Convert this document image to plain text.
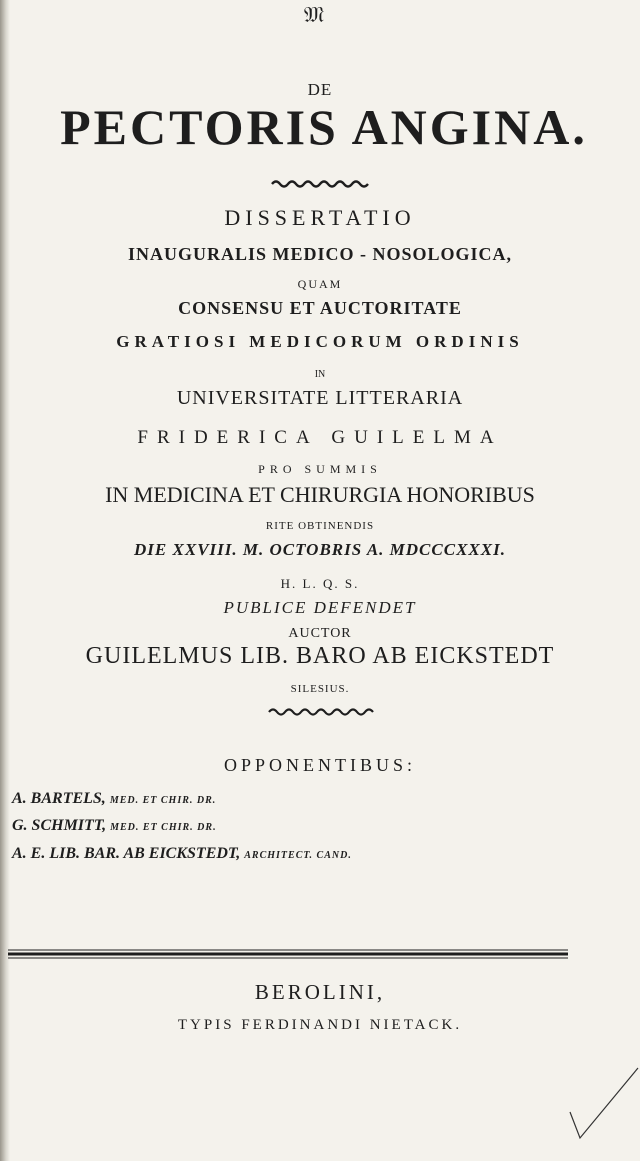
𝔐
DE
PECTORIS ANGINA.
DISSERTATIO
INAUGURALIS MEDICO - NOSOLOGICA,
QUAM
CONSENSU ET AUCTORITATE
GRATIOSI MEDICORUM ORDINIS
IN
UNIVERSITATE LITTERARIA
FRIDERICA GUILELMA
PRO SUMMIS
IN MEDICINA ET CHIRURGIA HONORIBUS
RITE OBTINENDIS
DIE XXVIII. M. OCTOBRIS A. MDCCCXXXI.
H. L. Q. S.
PUBLICE DEFENDET
AUCTOR
GUILELMUS LIB. BARO AB EICKSTEDT
SILESIUS.
OPPONENTIBUS:
A. BARTELS, MED. ET CHIR. DR.
G. SCHMITT, MED. ET CHIR. DR.
A. E. LIB. BAR. AB EICKSTEDT, ARCHITECT. CAND.
BEROLINI,
TYPIS FERDINANDI NIETACK.
